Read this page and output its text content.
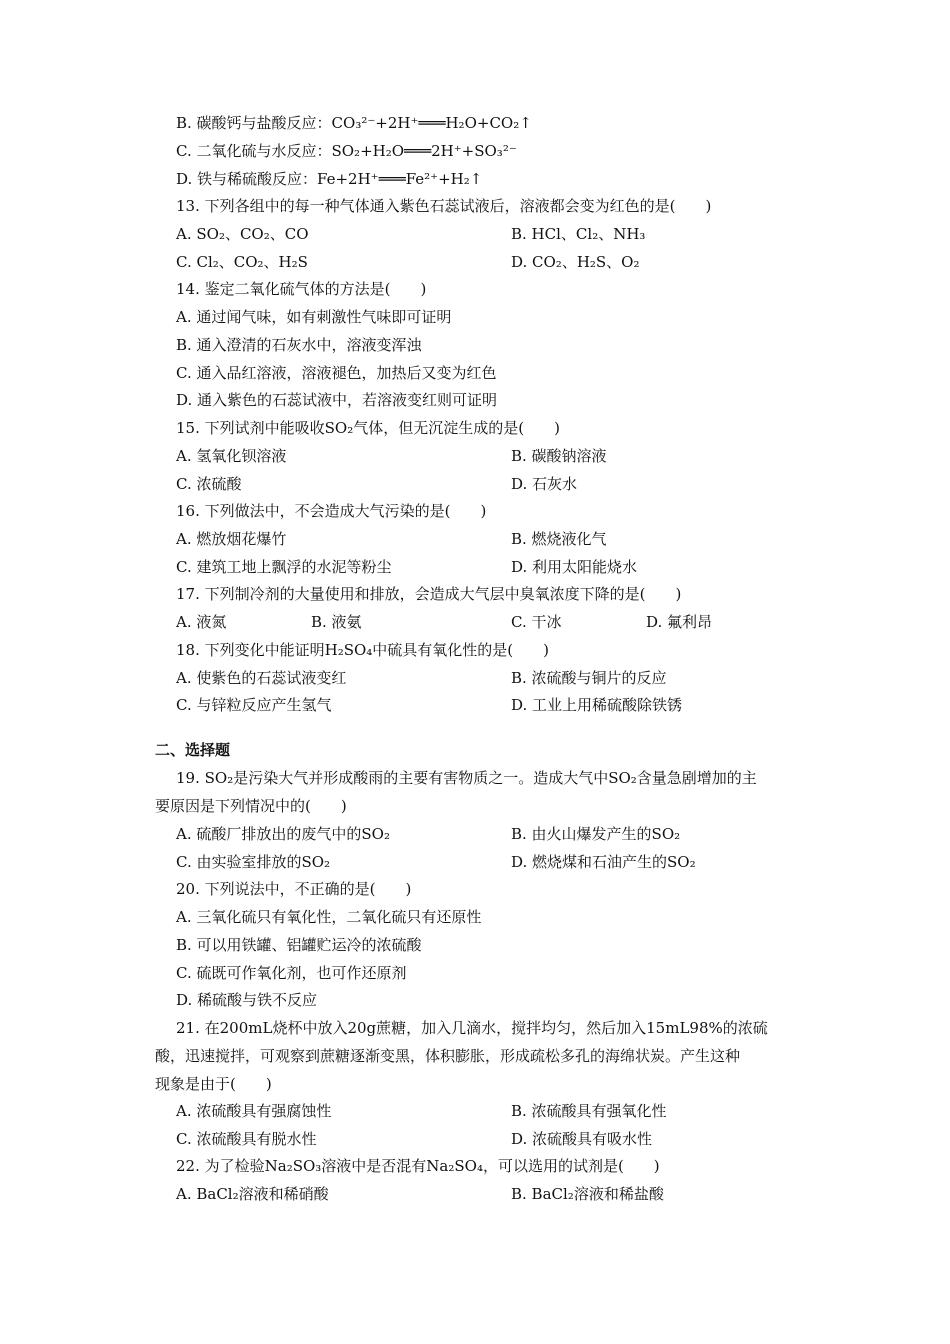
B. 碳酸钙与盐酸反应：CO₃²⁻+2H⁺═══H₂O+CO₂↑
C. 二氧化硫与水反应：SO₂+H₂O═══2H⁺+SO₃²⁻
D. 铁与稀硫酸反应：Fe+2H⁺═══Fe²⁺+H₂↑
13. 下列各组中的每一种气体通入紫色石蕊试液后，溶液都会变为红色的是(　　)
A. SO₂、CO₂、CO	B. HCl、Cl₂、NH₃
C. Cl₂、CO₂、H₂S	D. CO₂、H₂S、O₂
14. 鉴定二氧化硫气体的方法是(　　)
A. 通过闻气味，如有刺激性气味即可证明
B. 通入澄清的石灰水中，溶液变浑浊
C. 通入品红溶液，溶液褪色，加热后又变为红色
D. 通入紫色的石蕊试液中，若溶液变红则可证明
15. 下列试剂中能吸收SO₂气体，但无沉淀生成的是(　　)
A. 氢氧化钡溶液	B. 碳酸钠溶液
C. 浓硫酸	D. 石灰水
16. 下列做法中，不会造成大气污染的是(　　)
A. 燃放烟花爆竹	B. 燃烧液化气
C. 建筑工地上飘浮的水泥等粉尘	D. 利用太阳能烧水
17. 下列制冷剂的大量使用和排放，会造成大气层中臭氧浓度下降的是(　　)
A. 液氮	B. 液氨	C. 干冰	D. 氟利昂
18. 下列变化中能证明H₂SO₄中硫具有氧化性的是(　　)
A. 使紫色的石蕊试液变红	B. 浓硫酸与铜片的反应
C. 与锌粒反应产生氢气	D. 工业上用稀硫酸除铁锈
二、选择题
19. SO₂是污染大气并形成酸雨的主要有害物质之一。造成大气中SO₂含量急剧增加的主
要原因是下列情况中的(　　)
A. 硫酸厂排放出的废气中的SO₂	B. 由火山爆发产生的SO₂
C. 由实验室排放的SO₂	D. 燃烧煤和石油产生的SO₂
20. 下列说法中，不正确的是(　　)
A. 三氧化硫只有氧化性，二氧化硫只有还原性
B. 可以用铁罐、铝罐贮运冷的浓硫酸
C. 硫既可作氧化剂，也可作还原剂
D. 稀硫酸与铁不反应
21. 在200mL烧杯中放入20g蔗糖，加入几滴水，搅拌均匀，然后加入15mL98%的浓硫
酸，迅速搅拌，可观察到蔗糖逐渐变黑，体积膨胀，形成疏松多孔的海绵状炭。产生这种
现象是由于(　　)
A. 浓硫酸具有强腐蚀性	B. 浓硫酸具有强氧化性
C. 浓硫酸具有脱水性	D. 浓硫酸具有吸水性
22. 为了检验Na₂SO₃溶液中是否混有Na₂SO₄，可以选用的试剂是(　　)
A. BaCl₂溶液和稀硝酸	B. BaCl₂溶液和稀盐酸
